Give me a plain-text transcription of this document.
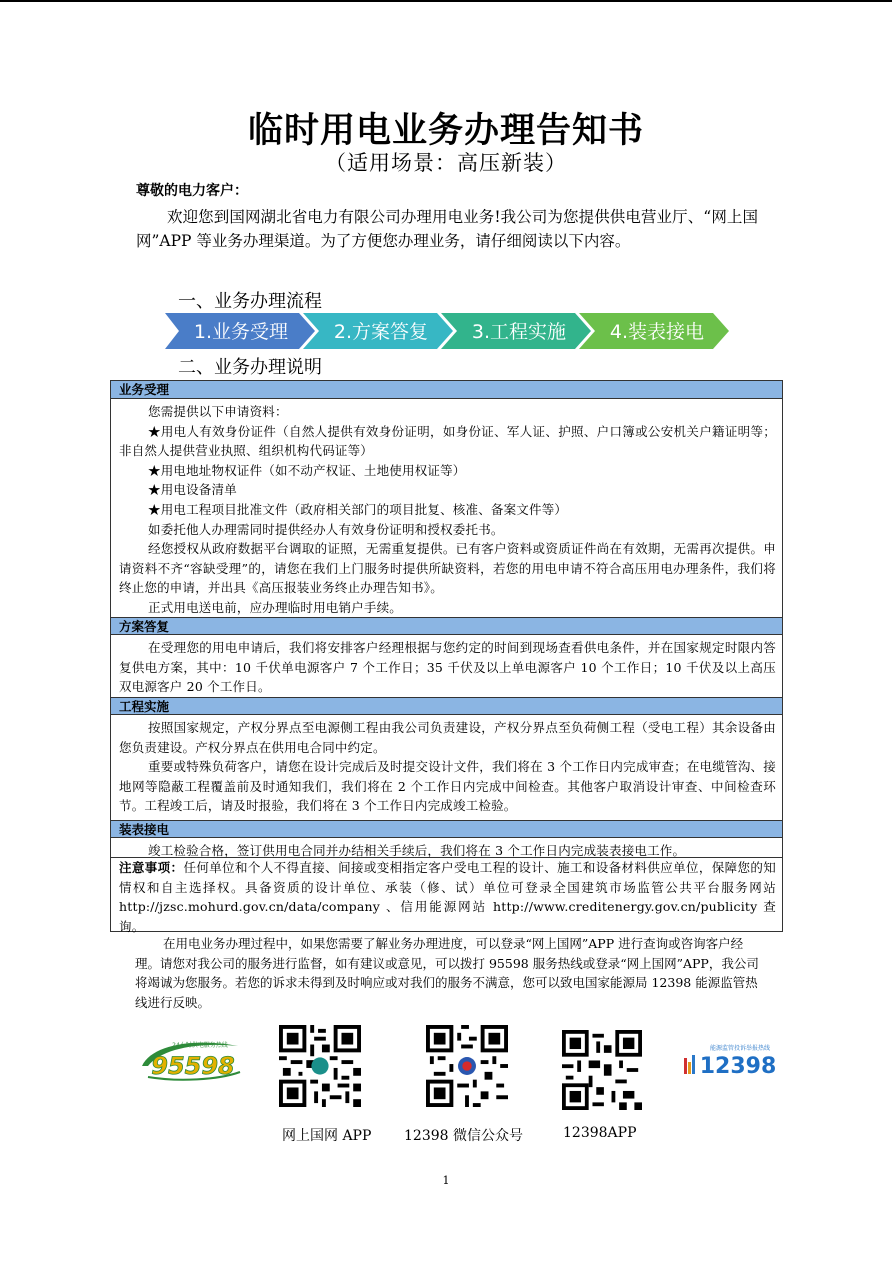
临时用电业务办理告知书
（适用场景：高压新装）
尊敬的电力客户：
欢迎您到国网湖北省电力有限公司办理用电业务!我公司为您提供供电营业厅、“网上国网”APP 等业务办理渠道。为了方便您办理业务，请仔细阅读以下内容。
一、业务办理流程
1.业务受理 2.方案答复 3.工程实施 4.装表接电
二、业务办理说明
业务受理

您需提供以下申请资料：

★用电人有效身份证件（自然人提供有效身份证明，如身份证、军人证、护照、户口簿或公安机关户籍证明等；非自然人提供营业执照、组织机构代码证等）

★用电地址物权证件（如不动产权证、土地使用权证等）

★用电设备清单

★用电工程项目批准文件（政府相关部门的项目批复、核准、备案文件等）

如委托他人办理需同时提供经办人有效身份证明和授权委托书。

经您授权从政府数据平台调取的证照，无需重复提供。已有客户资料或资质证件尚在有效期，无需再次提供。申请资料不齐“容缺受理”的，请您在我们上门服务时提供所缺资料，若您的用电申请不符合高压用电办理条件，我们将终止您的申请，并出具《高压报装业务终止办理告知书》。

正式用电送电前，应办理临时用电销户手续。

方案答复

在受理您的用电申请后，我们将安排客户经理根据与您约定的时间到现场查看供电条件，并在国家规定时限内答复供电方案，其中：10 千伏单电源客户 7 个工作日；35 千伏及以上单电源客户 10 个工作日；10 千伏及以上高压双电源客户 20 个工作日。

工程实施

按照国家规定，产权分界点至电源侧工程由我公司负责建设，产权分界点至负荷侧工程（受电工程）其余设备由您负责建设。产权分界点在供用电合同中约定。

重要或特殊负荷客户，请您在设计完成后及时提交设计文件，我们将在 3 个工作日内完成审查；在电缆管沟、接地网等隐蔽工程覆盖前及时通知我们，我们将在 2 个工作日内完成中间检查。其他客户取消设计审查、中间检查环节。工程竣工后，请及时报验，我们将在 3 个工作日内完成竣工检验。

装表接电

竣工检验合格，签订供用电合同并办结相关手续后，我们将在 3 个工作日内完成装表接电工作。

注意事项：任何单位和个人不得直接、间接或变相指定客户受电工程的设计、施工和设备材料供应单位，保障您的知情权和自主选择权。具备资质的设计单位、承装（修、试）单位可登录全国建筑市场监管公共平台服务网站 http://jzsc.mohurd.gov.cn/data/company 、信用能源网站 http://www.creditenergy.gov.cn/publicity 查询。

在用电业务办理过程中，如果您需要了解业务办理进度，可以登录“网上国网”APP 进行查询或咨询客户经理。请您对我公司的服务进行监督，如有建议或意见，可以拨打 95598 服务热线或登录“网上国网”APP，我公司将竭诚为您服务。若您的诉求未得到及时响应或对我们的服务不满意，您可以致电国家能源局 12398 能源监管热线进行反映。

24小时供电服务热线
95598
能源监管投诉举报热线
12398
网上国网 APP 12398 微信公众号	12398APP
1
